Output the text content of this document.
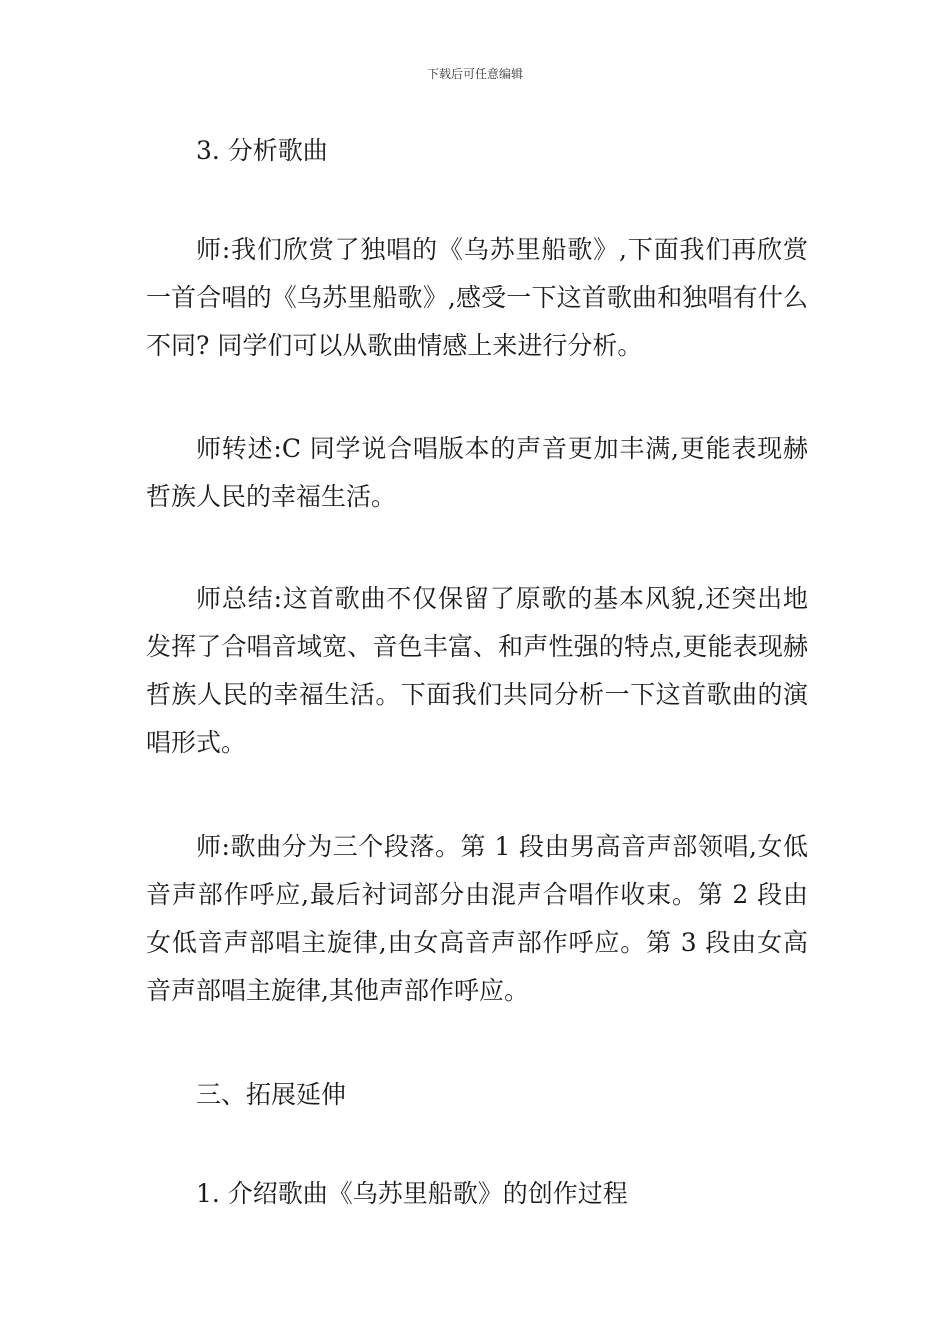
下载后可任意编辑

3. 分析歌曲

师:我们欣赏了独唱的《乌苏里船歌》,下面我们再欣赏一首合唱的《乌苏里船歌》,感受一下这首歌曲和独唱有什么不同? 同学们可以从歌曲情感上来进行分析。

师转述:C 同学说合唱版本的声音更加丰满,更能表现赫哲族人民的幸福生活。

师总结:这首歌曲不仅保留了原歌的基本风貌,还突出地发挥了合唱音域宽、音色丰富、和声性强的特点,更能表现赫哲族人民的幸福生活。下面我们共同分析一下这首歌曲的演唱形式。

师:歌曲分为三个段落。第 1 段由男高音声部领唱,女低音声部作呼应,最后衬词部分由混声合唱作收束。第 2 段由女低音声部唱主旋律,由女高音声部作呼应。第 3 段由女高音声部唱主旋律,其他声部作呼应。

三、拓展延伸

1. 介绍歌曲《乌苏里船歌》的创作过程
